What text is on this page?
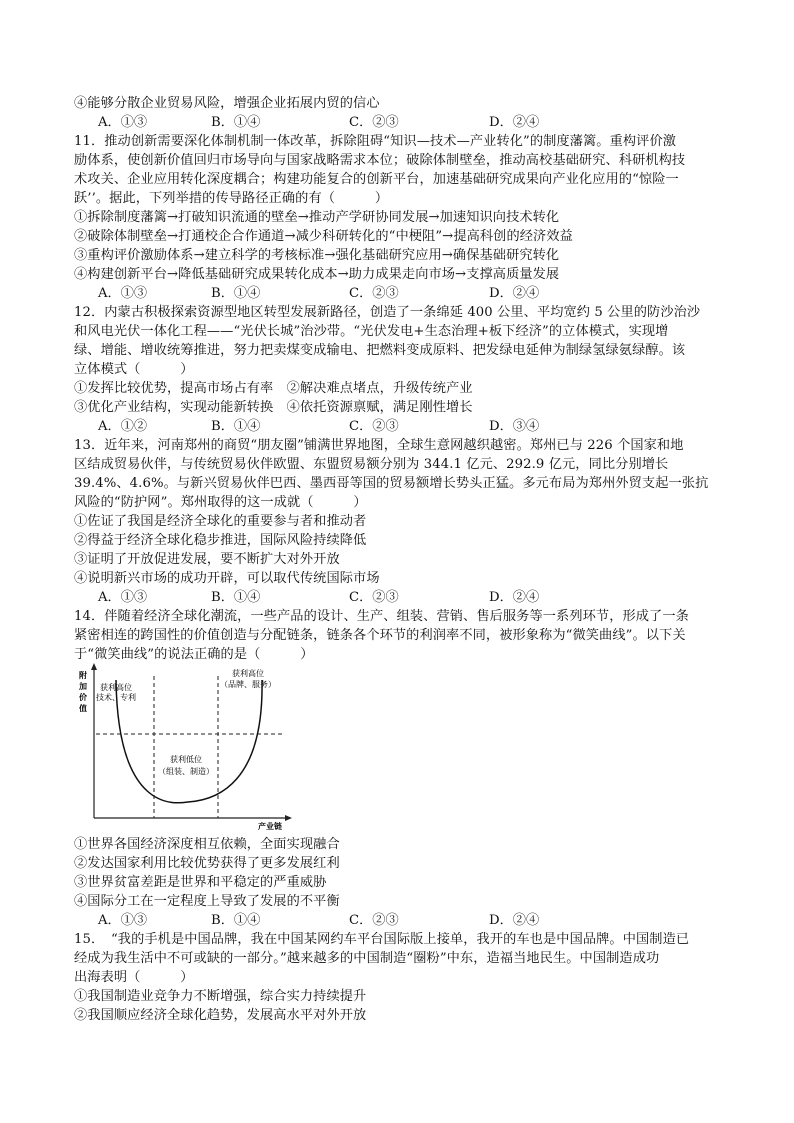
④能够分散企业贸易风险，增强企业拓展内贸的信心
A．①③	B．①④	C．②③	D．②④
11．推动创新需要深化体制机制一体改革，拆除阻碍“知识—技术—产业转化”的制度藩篱。重构评价激
励体系，使创新价值回归市场导向与国家战略需求本位；破除体制壁垒，推动高校基础研究、科研机构技
术攻关、企业应用转化深度耦合；构建功能复合的创新平台，加速基础研究成果向产业化应用的“惊险一
跃’’。据此，下列举措的传导路径正确的有（　　　）
①拆除制度藩篱→打破知识流通的壁垒→推动产学研协同发展→加速知识向技术转化
②破除体制壁垒→打通校企合作通道→减少科研转化的“中梗阻”→提高科创的经济效益
③重构评价激励体系→建立科学的考核标准→强化基础研究应用→确保基础研究转化
④构建创新平台→降低基础研究成果转化成本→助力成果走向市场→支撑高质量发展
A．①③	B．①④	C．②③	D．②④
12．内蒙古积极探索资源型地区转型发展新路径，创造了一条绵延 400 公里、平均宽约 5 公里的防沙治沙
和风电光伏一体化工程——“光伏长城”治沙带。“光伏发电+生态治理+板下经济”的立体模式，实现增
绿、增能、增收统筹推进，努力把卖煤变成输电、把燃料变成原料、把发绿电延伸为制绿氢绿氨绿醇。该
立体模式（　　　）
①发挥比较优势，提高市场占有率　②解决难点堵点，升级传统产业
③优化产业结构，实现动能新转换　④依托资源禀赋，满足刚性增长
A．①②	B．①④	C．②③	D．③④
13．近年来，河南郑州的商贸“朋友圈”铺满世界地图，全球生意网越织越密。郑州已与 226 个国家和地
区结成贸易伙伴，与传统贸易伙伴欧盟、东盟贸易额分别为 344.1 亿元、292.9 亿元，同比分别增长
39.4%、4.6%。与新兴贸易伙伴巴西、墨西哥等国的贸易额增长势头正猛。多元布局为郑州外贸支起一张抗
风险的“防护网”。郑州取得的这一成就（　　　）
①佐证了我国是经济全球化的重要参与者和推动者
②得益于经济全球化稳步推进，国际风险持续降低
③证明了开放促进发展，要不断扩大对外开放
④说明新兴市场的成功开辟，可以取代传统国际市场
A．①③	B．①④	C．②③	D．②④
14．伴随着经济全球化潮流，一些产品的设计、生产、组装、营销、售后服务等一系列环节，形成了一条
紧密相连的跨国性的价值创造与分配链条，链条各个环节的利润率不同，被形象称为“微笑曲线”。以下关
于“微笑曲线”的说法正确的是（　　　）
附
加
价
值
获利高位
技术、专利
获利高位
（品牌、服务）
获利低位
（组装、制造）
产业链
①世界各国经济深度相互依赖，全面实现融合
②发达国家利用比较优势获得了更多发展红利
③世界贫富差距是世界和平稳定的严重威胁
④国际分工在一定程度上导致了发展的不平衡
A．①③	B．①④	C．②③	D．②④
15．　“我的手机是中国品牌，我在中国某网约车平台国际版上接单，我开的车也是中国品牌。中国制造已
经成为我生活中不可或缺的一部分。”越来越多的中国制造“圈粉”中东，造福当地民生。中国制造成功
出海表明（　　　）
①我国制造业竞争力不断增强，综合实力持续提升
②我国顺应经济全球化趋势，发展高水平对外开放
